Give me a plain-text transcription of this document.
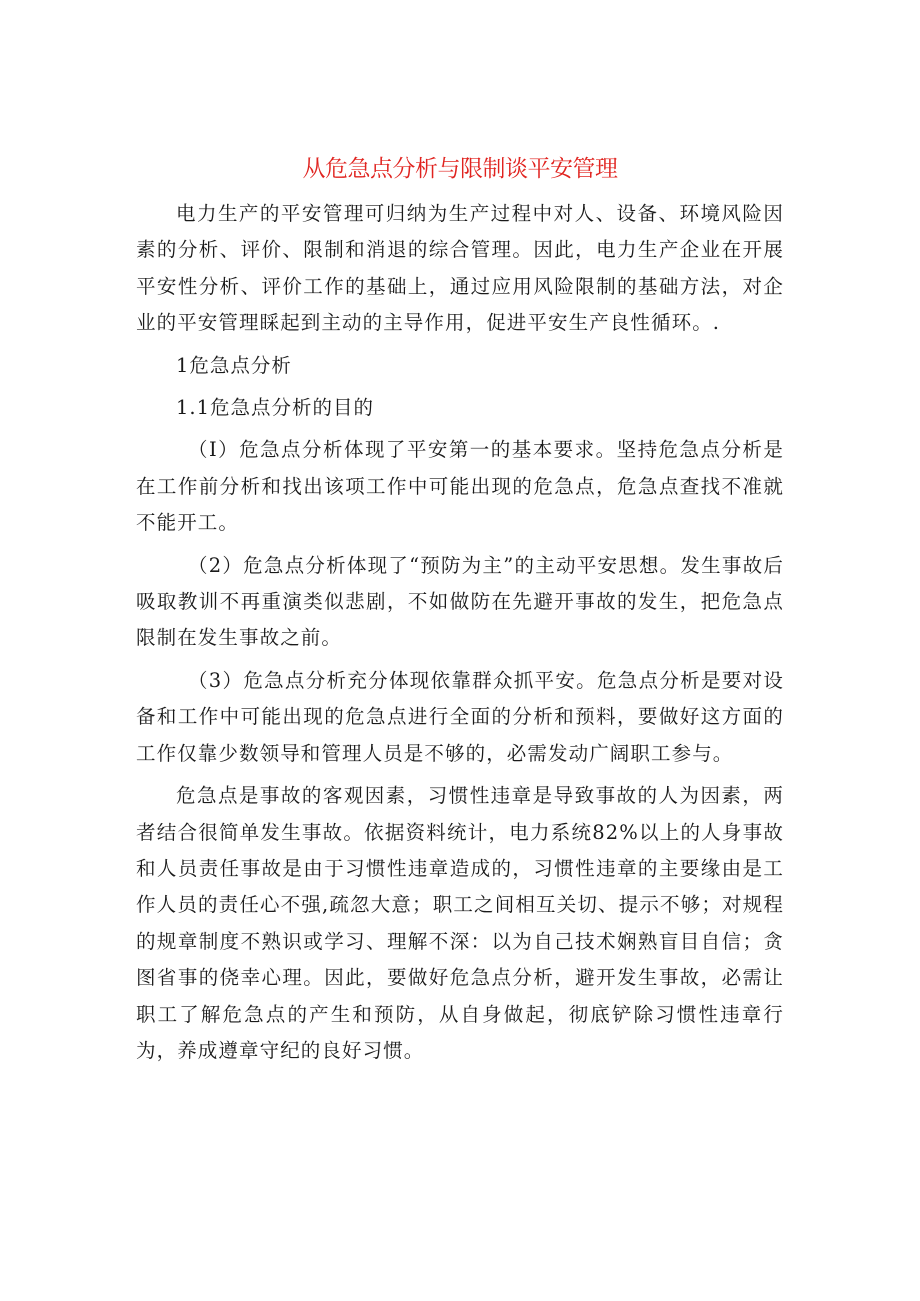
从危急点分析与限制谈平安管理

电力生产的平安管理可归纳为生产过程中对人、设备、环境风险因素的分析、评价、限制和消退的综合管理。因此，电力生产企业在开展平安性分析、评价工作的基础上，通过应用风险限制的基础方法，对企业的平安管理睬起到主动的主导作用，促进平安生产良性循环。.

1危急点分析

1.1危急点分析的目的

（I）危急点分析体现了平安第一的基本要求。坚持危急点分析是在工作前分析和找出该项工作中可能出现的危急点，危急点查找不准就不能开工。

（2）危急点分析体现了“预防为主”的主动平安思想。发生事故后吸取教训不再重演类似悲剧，不如做防在先避开事故的发生，把危急点限制在发生事故之前。

（3）危急点分析充分体现依靠群众抓平安。危急点分析是要对设备和工作中可能出现的危急点进行全面的分析和预料，要做好这方面的工作仅靠少数领导和管理人员是不够的，必需发动广阔职工参与。

危急点是事故的客观因素，习惯性违章是导致事故的人为因素，两者结合很简单发生事故。依据资料统计，电力系统82%以上的人身事故和人员责任事故是由于习惯性违章造成的，习惯性违章的主要缘由是工作人员的责任心不强,疏忽大意；职工之间相互关切、提示不够；对规程的规章制度不熟识或学习、理解不深：以为自己技术娴熟盲目自信；贪图省事的侥幸心理。因此，要做好危急点分析，避开发生事故，必需让职工了解危急点的产生和预防，从自身做起，彻底铲除习惯性违章行为，养成遵章守纪的良好习惯。
